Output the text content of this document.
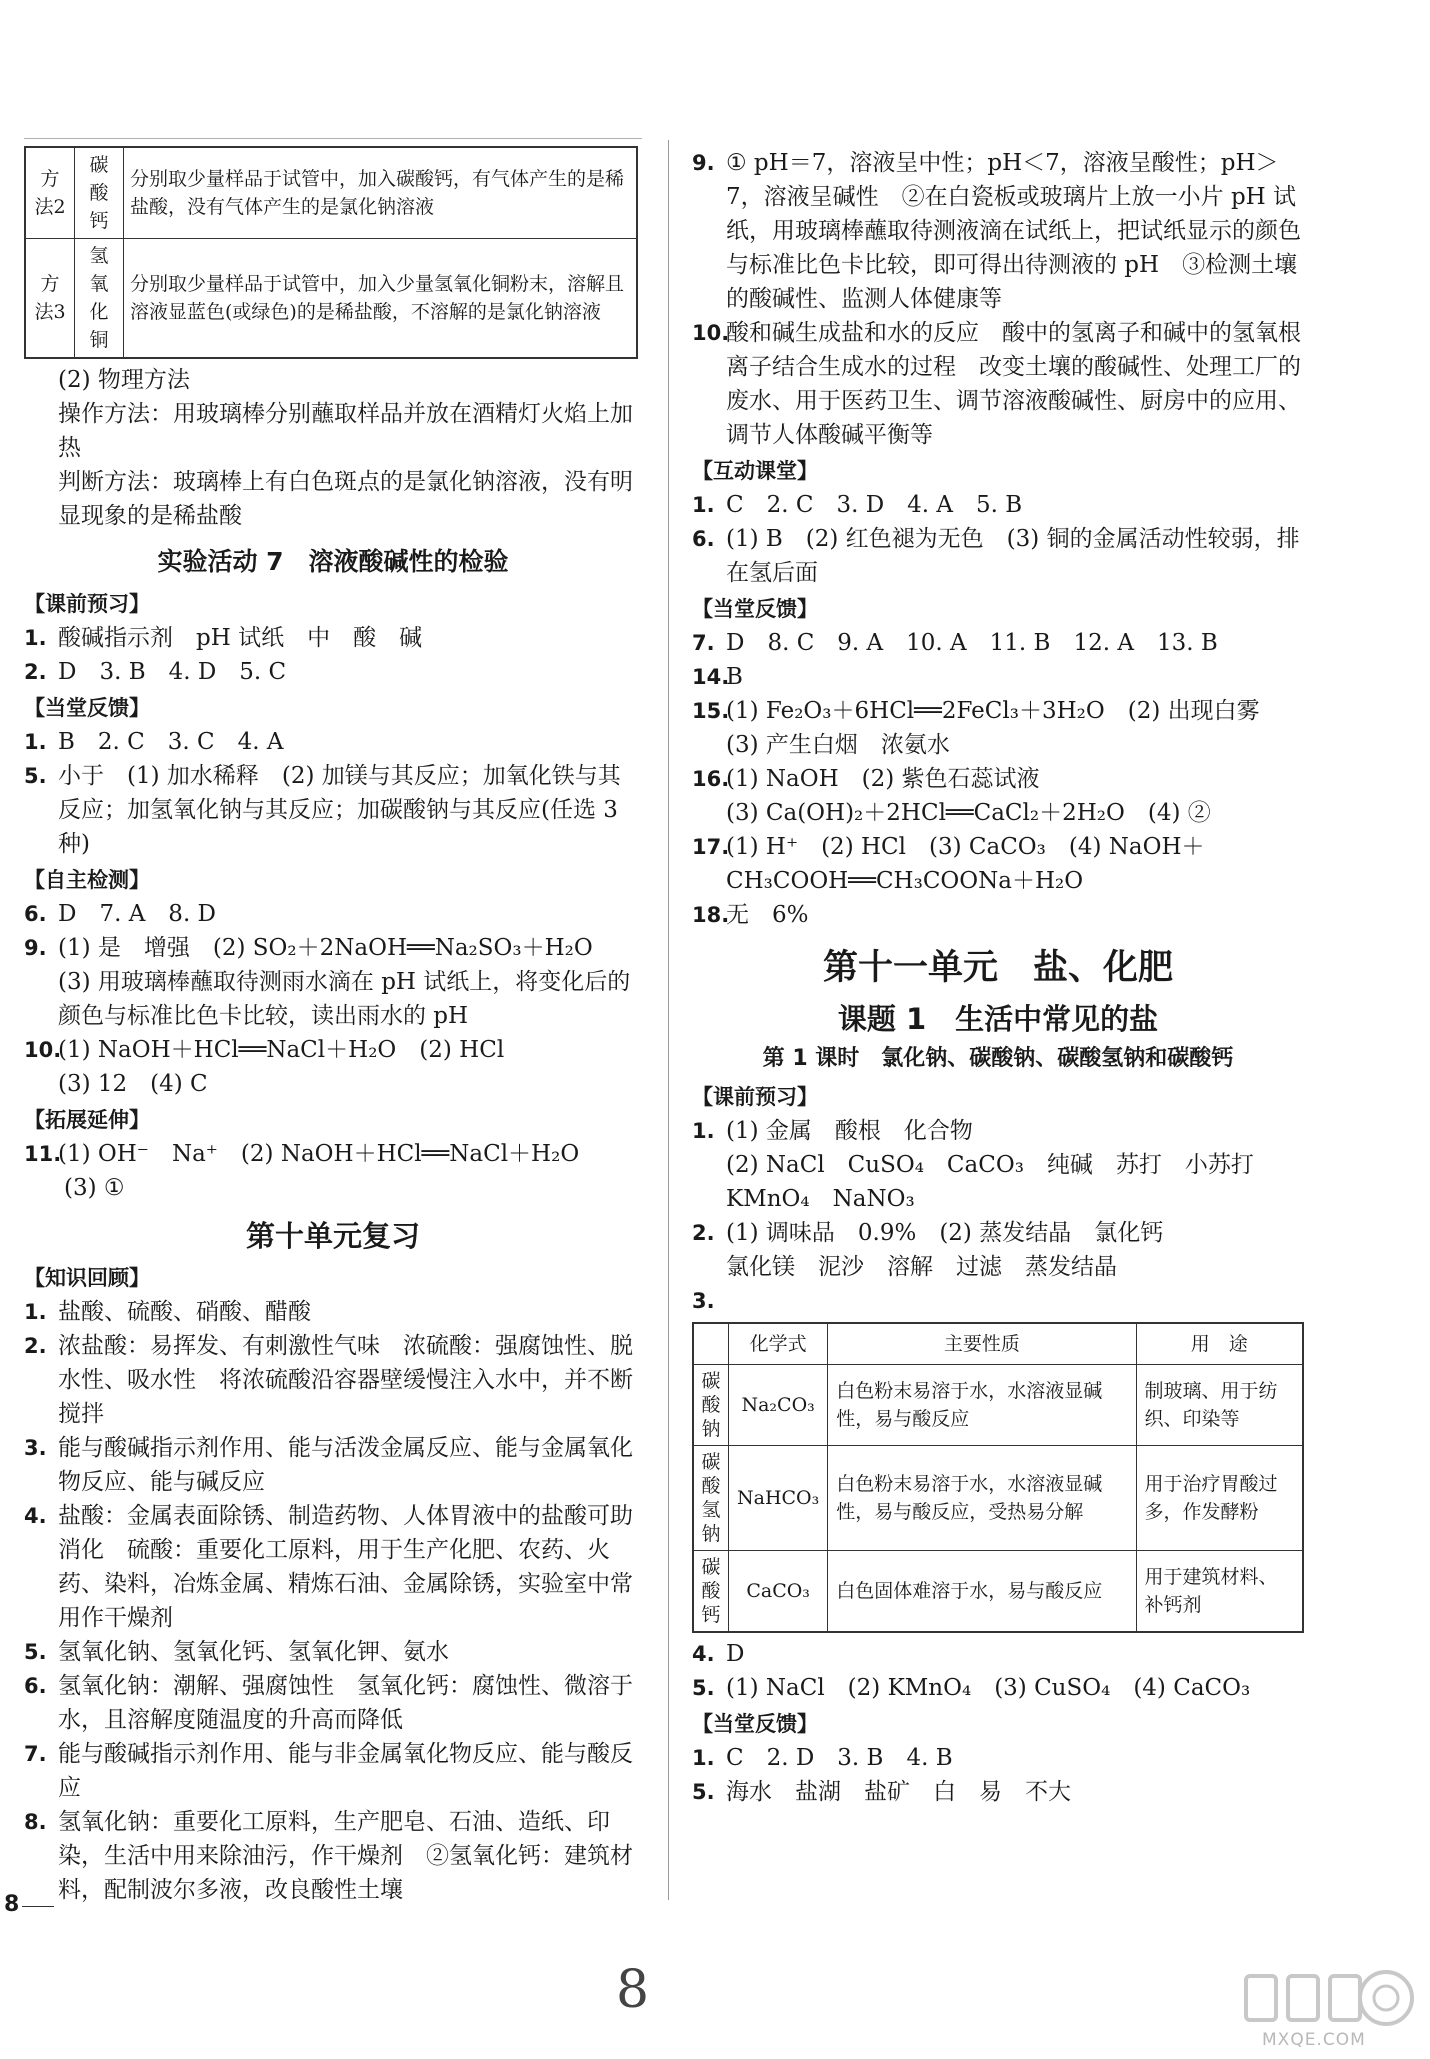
方法2	碳酸钙	分别取少量样品于试管中，加入碳酸钙，有气体产生的是稀盐酸，没有气体产生的是氯化钠溶液
方法3	氢氧化铜	分别取少量样品于试管中，加入少量氢氧化铜粉末，溶解且溶液显蓝色(或绿色)的是稀盐酸，不溶解的是氯化钠溶液
(2) 物理方法
操作方法：用玻璃棒分别蘸取样品并放在酒精灯火焰上加热
判断方法：玻璃棒上有白色斑点的是氯化钠溶液，没有明显现象的是稀盐酸
实验活动 7　溶液酸碱性的检验
【课前预习】
1. 酸碱指示剂　pH 试纸　中　酸　碱
2. D　3. B　4. D　5. C
【当堂反馈】
1. B　2. C　3. C　4. A
5. 小于　(1) 加水稀释　(2) 加镁与其反应；加氧化铁与其反应；加氢氧化钠与其反应；加碳酸钠与其反应(任选 3 种)
【自主检测】
6. D　7. A　8. D
9. (1) 是　增强　(2) SO₂＋2NaOH══Na₂SO₃＋H₂O
(3) 用玻璃棒蘸取待测雨水滴在 pH 试纸上，将变化后的颜色与标准比色卡比较，读出雨水的 pH
10.
(1) NaOH＋HCl══NaCl＋H₂O　(2) HCl
(3) 12　(4) C
【拓展延伸】
11.
(1) OH⁻　Na⁺　(2) NaOH＋HCl══NaCl＋H₂O
(3) ①
第十单元复习
【知识回顾】
1. 盐酸、硫酸、硝酸、醋酸
2. 浓盐酸：易挥发、有刺激性气味　浓硫酸：强腐蚀性、脱水性、吸水性　将浓硫酸沿容器壁缓慢注入水中，并不断搅拌
3. 能与酸碱指示剂作用、能与活泼金属反应、能与金属氧化物反应、能与碱反应
4. 盐酸：金属表面除锈、制造药物、人体胃液中的盐酸可助消化　硫酸：重要化工原料，用于生产化肥、农药、火药、染料，冶炼金属、精炼石油、金属除锈，实验室中常用作干燥剂
5. 氢氧化钠、氢氧化钙、氢氧化钾、氨水
6. 氢氧化钠：潮解、强腐蚀性　氢氧化钙：腐蚀性、微溶于水，且溶解度随温度的升高而降低
7. 能与酸碱指示剂作用、能与非金属氧化物反应、能与酸反应
8. 氢氧化钠：重要化工原料，生产肥皂、石油、造纸、印染，生活中用来除油污，作干燥剂　②氢氧化钙：建筑材料，配制波尔多液，改良酸性土壤
9. ① pH＝7，溶液呈中性；pH＜7，溶液呈酸性；pH＞7，溶液呈碱性　②在白瓷板或玻璃片上放一小片 pH 试纸，用玻璃棒蘸取待测液滴在试纸上，把试纸显示的颜色与标准比色卡比较，即可得出待测液的 pH　③检测土壤的酸碱性、监测人体健康等
10.
酸和碱生成盐和水的反应　酸中的氢离子和碱中的氢氧根离子结合生成水的过程　改变土壤的酸碱性、处理工厂的废水、用于医药卫生、调节溶液酸碱性、厨房中的应用、调节人体酸碱平衡等
【互动课堂】
1. C　2. C　3. D　4. A　5. B
6. (1) B　(2) 红色褪为无色　(3) 铜的金属活动性较弱，排在氢后面
【当堂反馈】
7. D　8. C　9. A　10. A　11. B　12. A　13. B
14.
B
15.
(1) Fe₂O₃＋6HCl══2FeCl₃＋3H₂O　(2) 出现白雾
(3) 产生白烟　浓氨水
16.
(1) NaOH　(2) 紫色石蕊试液
(3) Ca(OH)₂＋2HCl══CaCl₂＋2H₂O　(4) ②
17.
(1) H⁺　(2) HCl　(3) CaCO₃　(4) NaOH＋
CH₃COOH══CH₃COONa＋H₂O
18.
无　6%
第十一单元　盐、化肥
课题 1　生活中常见的盐
第 1 课时　氯化钠、碳酸钠、碳酸氢钠和碳酸钙
【课前预习】
1. (1) 金属　酸根　化合物
(2) NaCl　CuSO₄　CaCO₃　纯碱　苏打　小苏打
KMnO₄　NaNO₃
2. (1) 调味品　0.9%　(2) 蒸发结晶　氯化钙
氯化镁　泥沙　溶解　过滤　蒸发结晶
3.
	化学式	主要性质	用　途
碳酸钠	Na₂CO₃	白色粉末易溶于水，水溶液显碱性，易与酸反应	制玻璃、用于纺织、印染等
碳酸氢钠	NaHCO₃	白色粉末易溶于水，水溶液显碱性，易与酸反应，受热易分解	用于治疗胃酸过多，作发酵粉
碳酸钙	CaCO₃	白色固体难溶于水，易与酸反应	用于建筑材料、补钙剂
4. D
5. (1) NaCl　(2) KMnO₄　(3) CuSO₄　(4) CaCO₃
【当堂反馈】
1. C　2. D　3. B　4. B
5. 海水　盐湖　盐矿　白　易　不大
8
8
MXQE.COM
